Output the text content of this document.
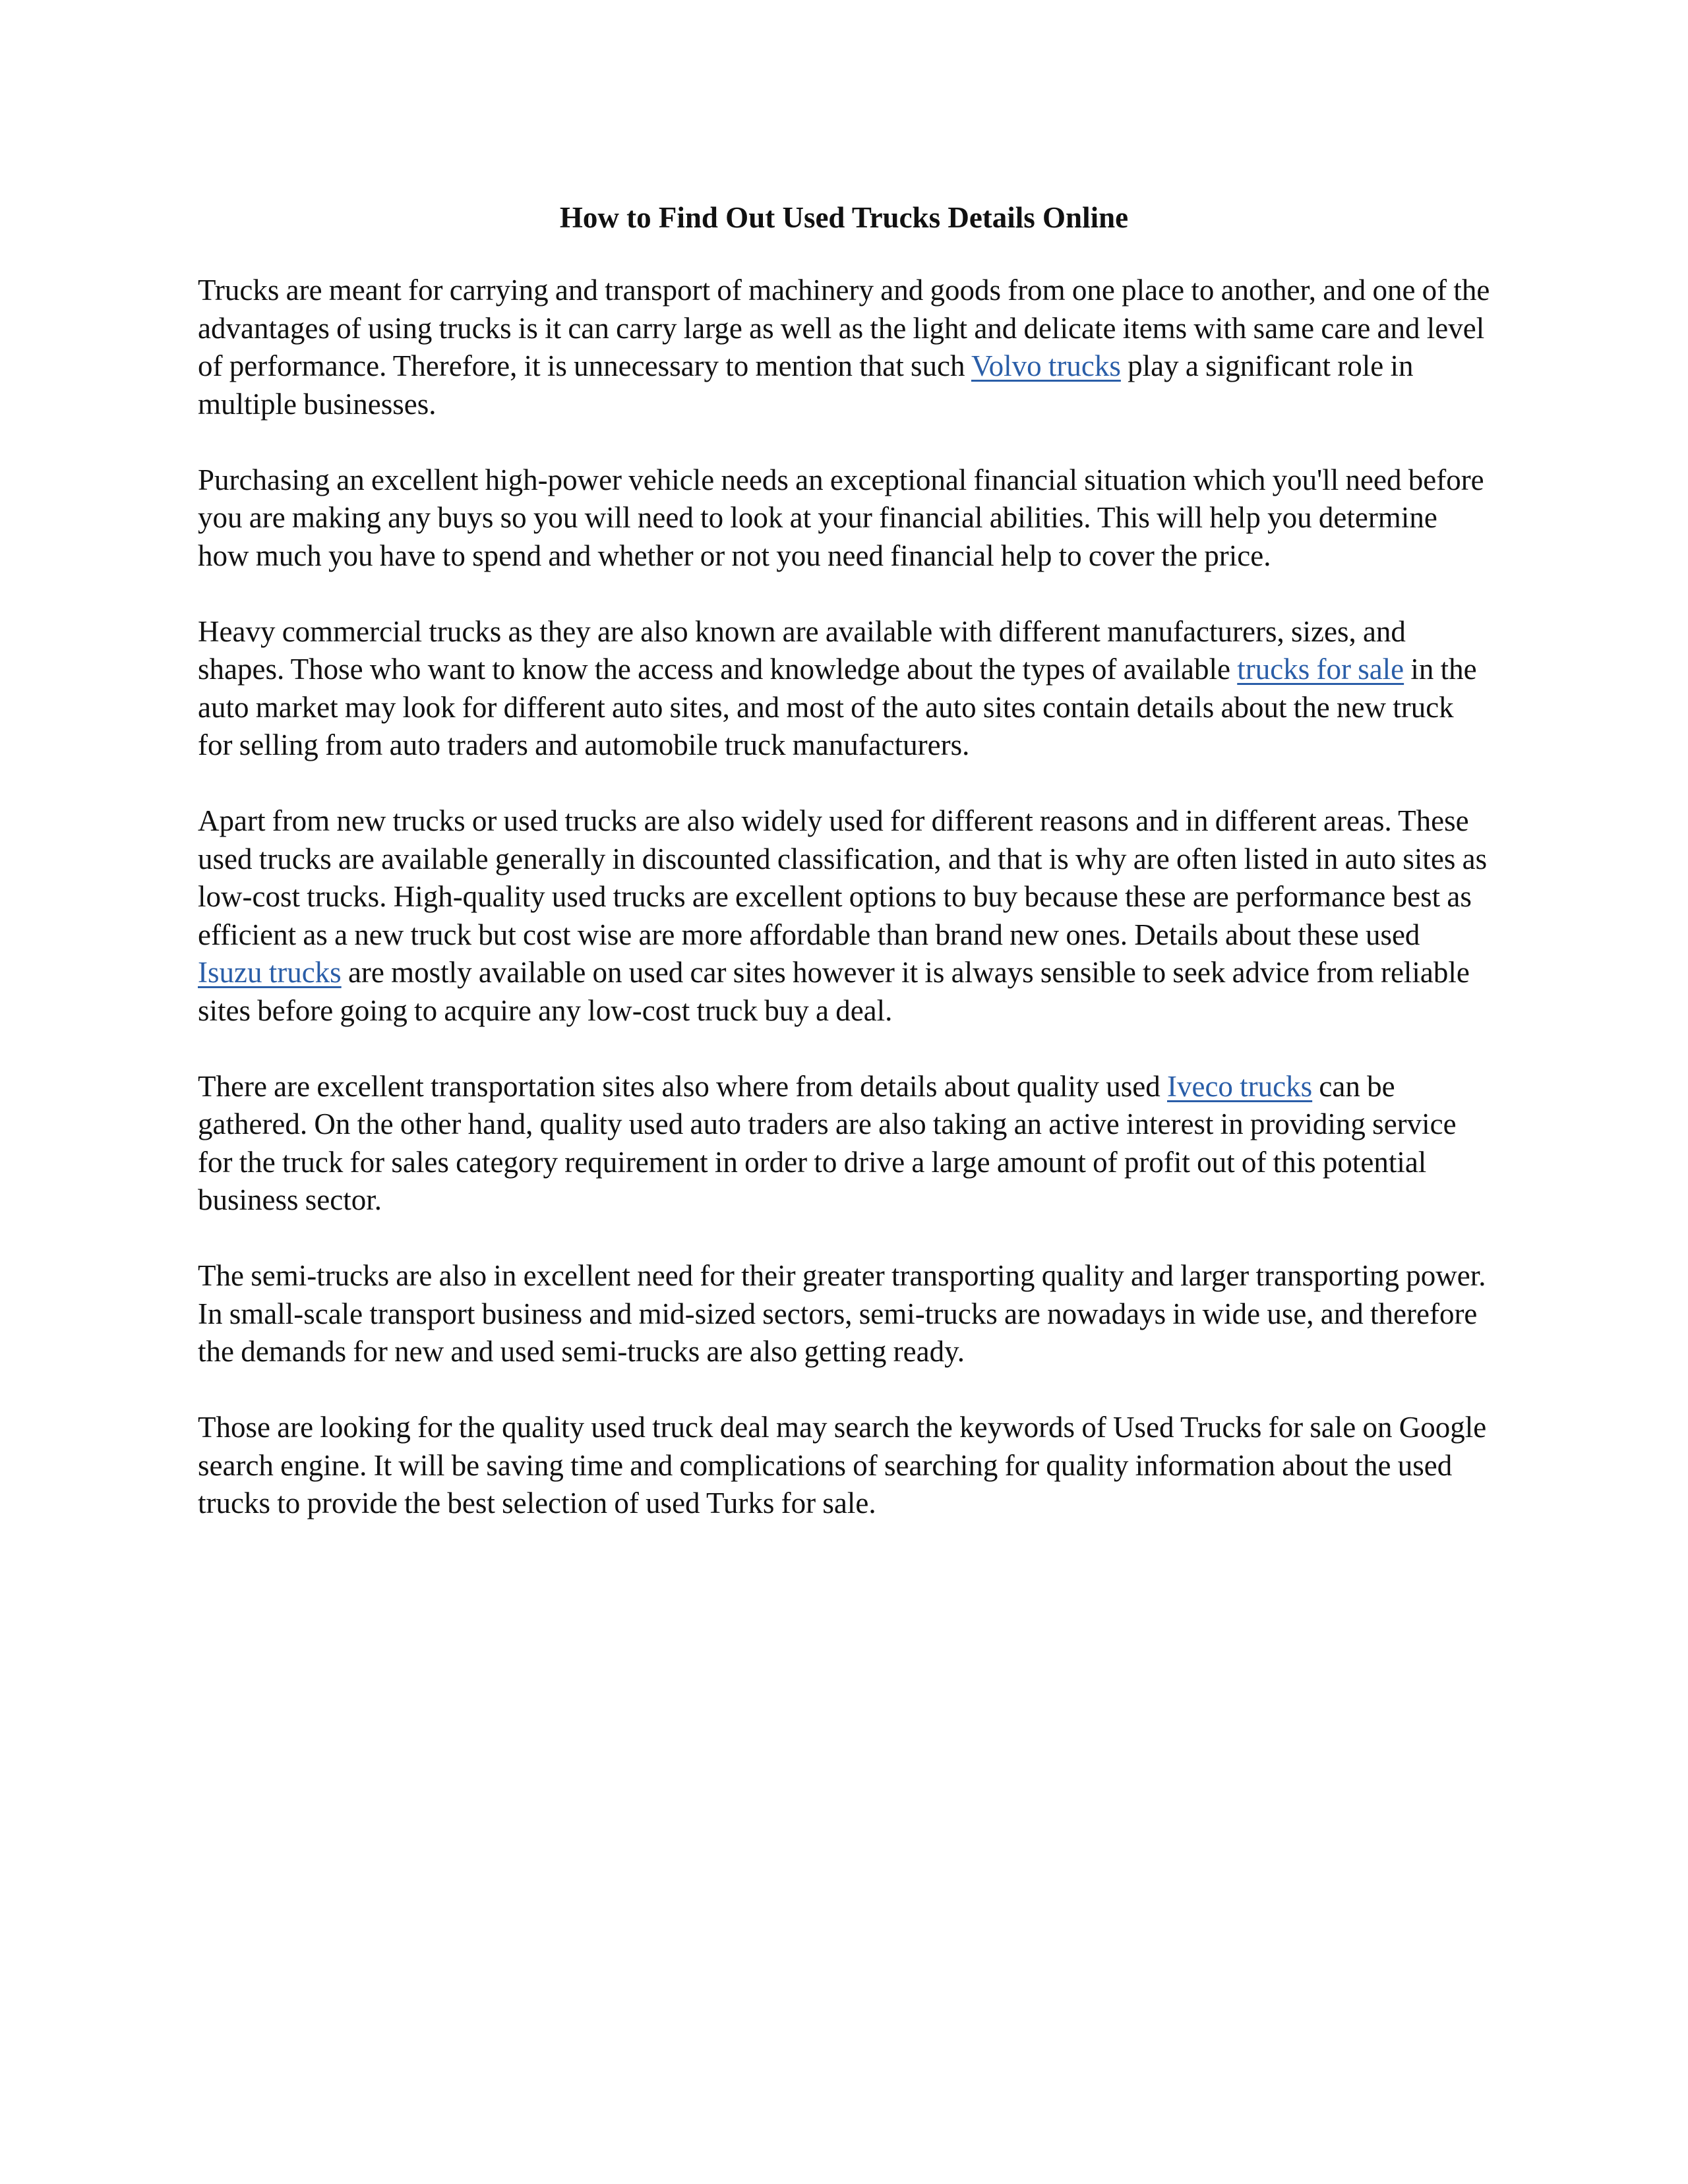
How to Find Out Used Trucks Details Online

Trucks are meant for carrying and transport of machinery and goods from one place to another, and one of the advantages of using trucks is it can carry large as well as the light and delicate items with same care and level of performance. Therefore, it is unnecessary to mention that such Volvo trucks play a significant role in multiple businesses.

Purchasing an excellent high-power vehicle needs an exceptional financial situation which you'll need before you are making any buys so you will need to look at your financial abilities. This will help you determine how much you have to spend and whether or not you need financial help to cover the price.

Heavy commercial trucks as they are also known are available with different manufacturers, sizes, and shapes. Those who want to know the access and knowledge about the types of available trucks for sale in the auto market may look for different auto sites, and most of the auto sites contain details about the new truck for selling from auto traders and automobile truck manufacturers.

Apart from new trucks or used trucks are also widely used for different reasons and in different areas. These used trucks are available generally in discounted classification, and that is why are often listed in auto sites as low-cost trucks. High-quality used trucks are excellent options to buy because these are performance best as efficient as a new truck but cost wise are more affordable than brand new ones. Details about these used Isuzu trucks are mostly available on used car sites however it is always sensible to seek advice from reliable sites before going to acquire any low-cost truck buy a deal.

There are excellent transportation sites also where from details about quality used Iveco trucks can be gathered. On the other hand, quality used auto traders are also taking an active interest in providing service for the truck for sales category requirement in order to drive a large amount of profit out of this potential business sector.

The semi-trucks are also in excellent need for their greater transporting quality and larger transporting power. In small-scale transport business and mid-sized sectors, semi-trucks are nowadays in wide use, and therefore the demands for new and used semi-trucks are also getting ready.

Those are looking for the quality used truck deal may search the keywords of Used Trucks for sale on Google search engine. It will be saving time and complications of searching for quality information about the used trucks to provide the best selection of used Turks for sale.
